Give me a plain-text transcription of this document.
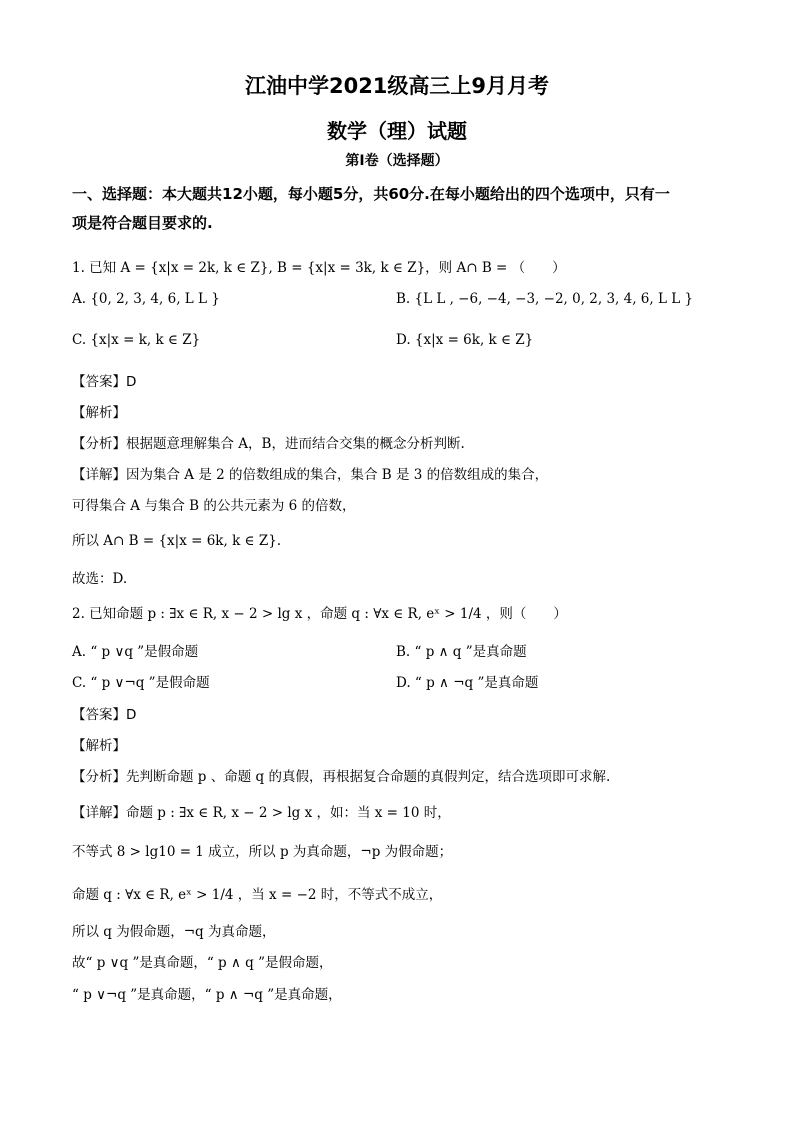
江油中学2021级高三上9月月考
数学（理）试题
第I卷（选择题）
一、选择题：本大题共12小题，每小题5分，共60分.在每小题给出的四个选项中，只有一
项是符合题目要求的.
1. 已知 A = {x|x = 2k, k ∈ Z}, B = {x|x = 3k, k ∈ Z}，则 A∩ B = （　　）
A. {0, 2, 3, 4, 6, L L }	B. {L L , −6, −4, −3, −2, 0, 2, 3, 4, 6, L L }
C. {x|x = k, k ∈ Z}	D. {x|x = 6k, k ∈ Z}
【答案】D
【解析】
【分析】根据题意理解集合 A，B，进而结合交集的概念分析判断.
【详解】因为集合 A 是 2 的倍数组成的集合，集合 B 是 3 的倍数组成的集合，
可得集合 A 与集合 B 的公共元素为 6 的倍数，
所以 A∩ B = {x|x = 6k, k ∈ Z}.
故选：D.
2. 已知命题 p : ∃x ∈ R, x − 2 > lg x ，命题 q : ∀x ∈ R, eˣ > 1/4 ，则（　　）
A. “ p ∨q ”是假命题	B. “ p ∧ q ”是真命题
C. “ p ∨¬q ”是假命题	D. “ p ∧ ¬q ”是真命题
【答案】D
【解析】
【分析】先判断命题 p 、命题 q 的真假，再根据复合命题的真假判定，结合选项即可求解.
【详解】命题 p : ∃x ∈ R, x − 2 > lg x ，如：当 x = 10 时，
不等式 8 > lg10 = 1 成立，所以 p 为真命题，¬p 为假命题；
命题 q : ∀x ∈ R, eˣ > 1/4 ，当 x = −2 时，不等式不成立，
所以 q 为假命题，¬q 为真命题，
故“ p ∨q ”是真命题，“ p ∧ q ”是假命题，
“ p ∨¬q ”是真命题，“ p ∧ ¬q ”是真命题，
